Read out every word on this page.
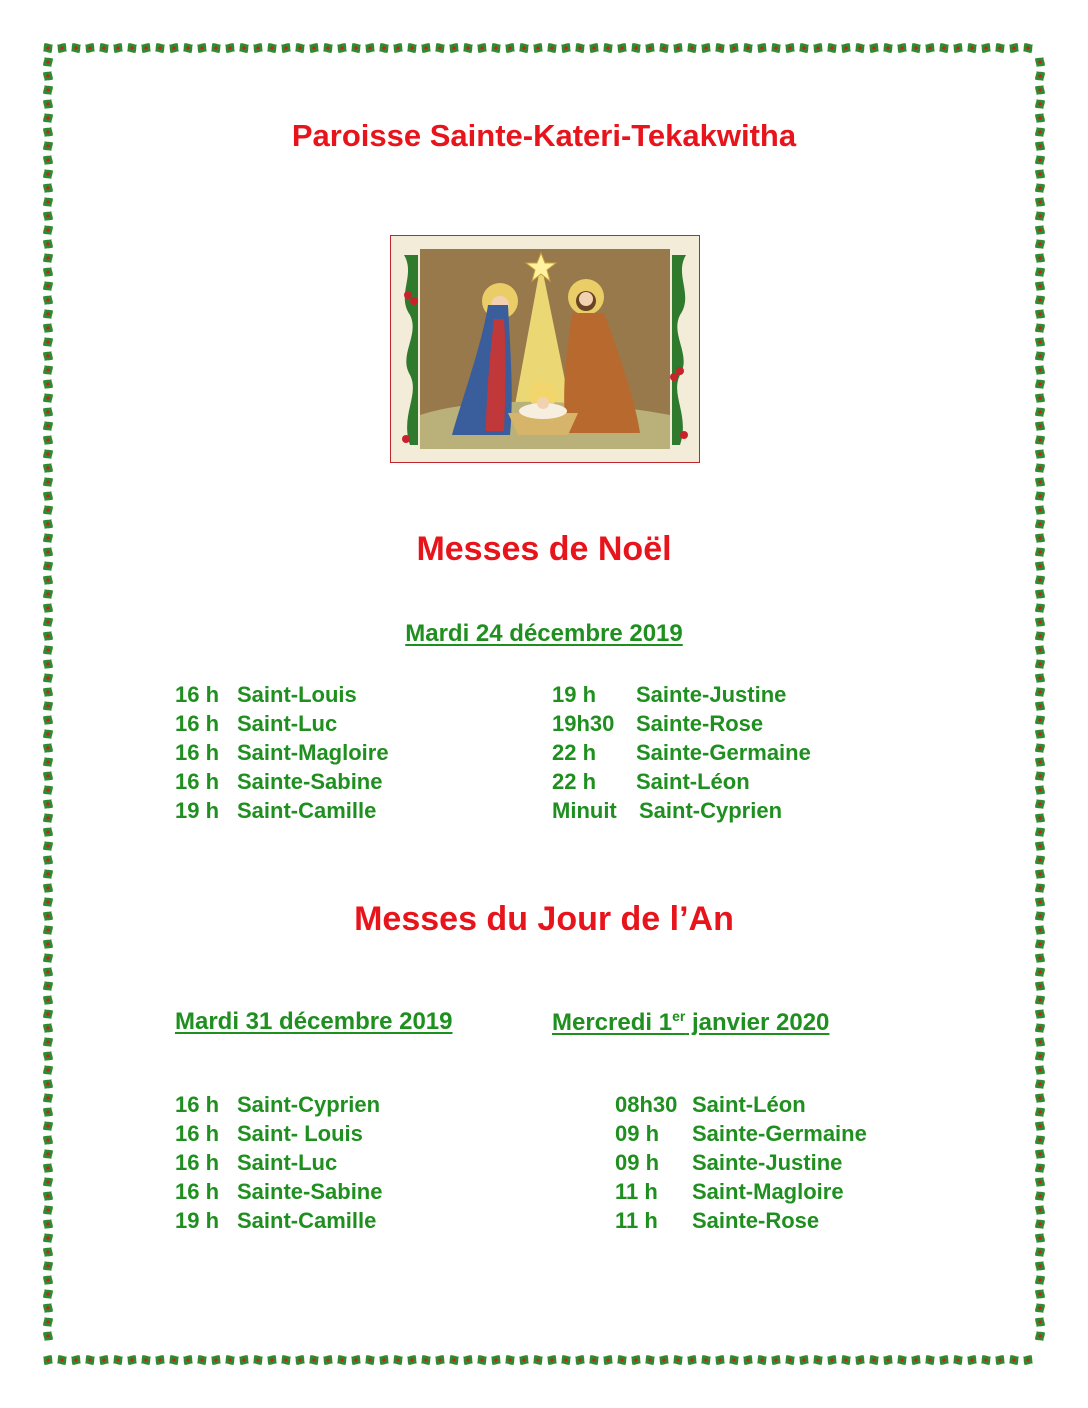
Paroisse Sainte-Kateri-Tekakwitha
Messes de Noël
Mardi 24 décembre 2019
16 h Saint-Louis
16 h Saint-Luc
16 h Saint-Magloire
16 h Sainte-Sabine
19 h Saint-Camille
19 h Sainte-Justine
19h30 Sainte-Rose
22 h Sainte-Germaine
22 h Saint-Léon
Minuit Saint-Cyprien
Messes du Jour de l’An
Mardi 31 décembre 2019	Mercredi 1er janvier 2020
16 h Saint-Cyprien
16 h Saint- Louis
16 h Saint-Luc
16 h Sainte-Sabine
19 h Saint-Camille
08h30 Saint-Léon
09 h Sainte-Germaine
09 h Sainte-Justine
11 h Saint-Magloire
11 h Sainte-Rose
